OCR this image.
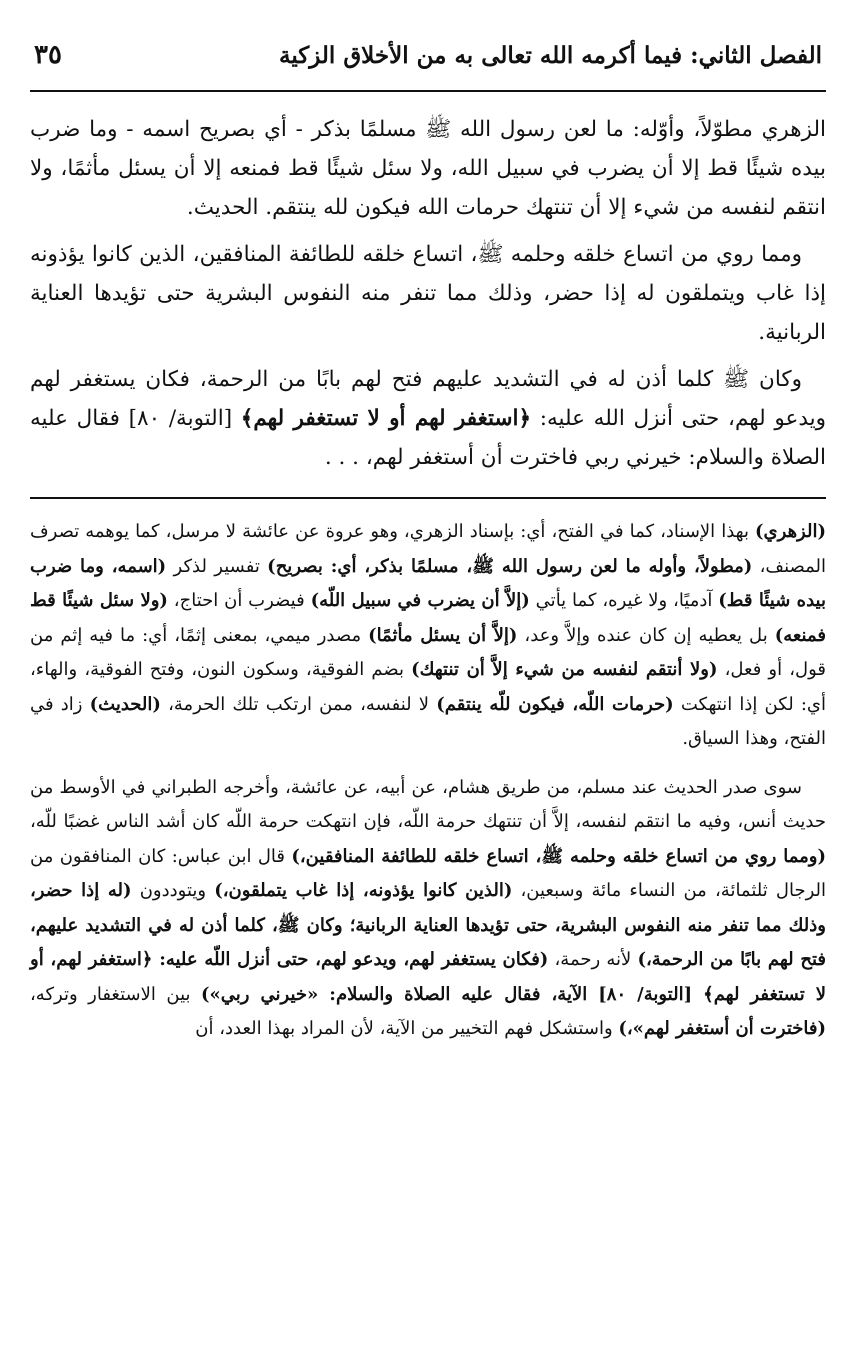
الفصل الثاني: فيما أكرمه الله تعالى به من الأخلاق الزكية
٣٥

الزهري مطوّلاً، وأوّله: ما لعن رسول الله ﷺ مسلمًا بذكر - أي بصريح اسمه - وما ضرب بيده شيئًا قط إلا أن يضرب في سبيل الله، ولا سئل شيئًا قط فمنعه إلا أن يسئل مأثمًا، ولا انتقم لنفسه من شيء إلا أن تنتهك حرمات الله فيكون لله ينتقم. الحديث.

ومما روي من اتساع خلقه وحلمه ﷺ، اتساع خلقه للطائفة المنافقين، الذين كانوا يؤذونه إذا غاب ويتملقون له إذا حضر، وذلك مما تنفر منه النفوس البشرية حتى تؤيدها العناية الربانية.

وكان ﷺ كلما أذن له في التشديد عليهم فتح لهم بابًا من الرحمة، فكان يستغفر لهم ويدعو لهم، حتى أنزل الله عليه: ﴿استغفر لهم أو لا تستغفر لهم﴾ [التوبة/ ٨٠] فقال عليه الصلاة والسلام: خيرني ربي فاخترت أن أستغفر لهم، . . .

(الزهري) بهذا الإسناد، كما في الفتح، أي: بإسناد الزهري، وهو عروة عن عائشة لا مرسل، كما يوهمه تصرف المصنف، (مطولاً، وأوله ما لعن رسول الله ﷺ، مسلمًا بذكر، أي: بصريح) تفسير لذكر (اسمه، وما ضرب بيده شيئًا قط) آدميًا، ولا غيره، كما يأتي (إلاَّ أن يضرب في سبيل اللّه) فيضرب أن احتاج، (ولا سئل شيئًا قط فمنعه) بل يعطيه إن كان عنده وإلاَّ وعد، (إلاَّ أن يسئل مأثمًا) مصدر ميمي، بمعنى إثمًا، أي: ما فيه إثم من قول، أو فعل، (ولا أنتقم لنفسه من شيء إلاَّ أن تنتهك) بضم الفوقية، وسكون النون، وفتح الفوقية، والهاء، أي: لكن إذا انتهكت (حرمات اللّه، فيكون للّه ينتقم) لا لنفسه، ممن ارتكب تلك الحرمة، (الحديث) زاد في الفتح، وهذا السياق.

سوى صدر الحديث عند مسلم، من طريق هشام، عن أبيه، عن عائشة، وأخرجه الطبراني في الأوسط من حديث أنس، وفيه ما انتقم لنفسه، إلاَّ أن تنتهك حرمة اللّه، فإن انتهكت حرمة اللّه كان أشد الناس غضبًا للّه، (ومما روي من اتساع خلقه وحلمه ﷺ، اتساع خلقه للطائفة المنافقين،) قال ابن عباس: كان المنافقون من الرجال ثلثمائة، من النساء مائة وسبعين، (الذين كانوا يؤذونه، إذا غاب يتملقون،) ويتوددون (له إذا حضر، وذلك مما تنفر منه النفوس البشرية، حتى تؤيدها العناية الربانية؛ وكان ﷺ، كلما أذن له في التشديد عليهم، فتح لهم بابًا من الرحمة،) لأنه رحمة، (فكان يستغفر لهم، ويدعو لهم، حتى أنزل اللّه عليه: ﴿استغفر لهم، أو لا تستغفر لهم﴾ [التوبة/ ٨٠] الآية، فقال عليه الصلاة والسلام: «خيرني ربي») بين الاستغفار وتركه، (فاخترت أن أستغفر لهم»،) واستشكل فهم التخيير من الآية، لأن المراد بهذا العدد، أن
